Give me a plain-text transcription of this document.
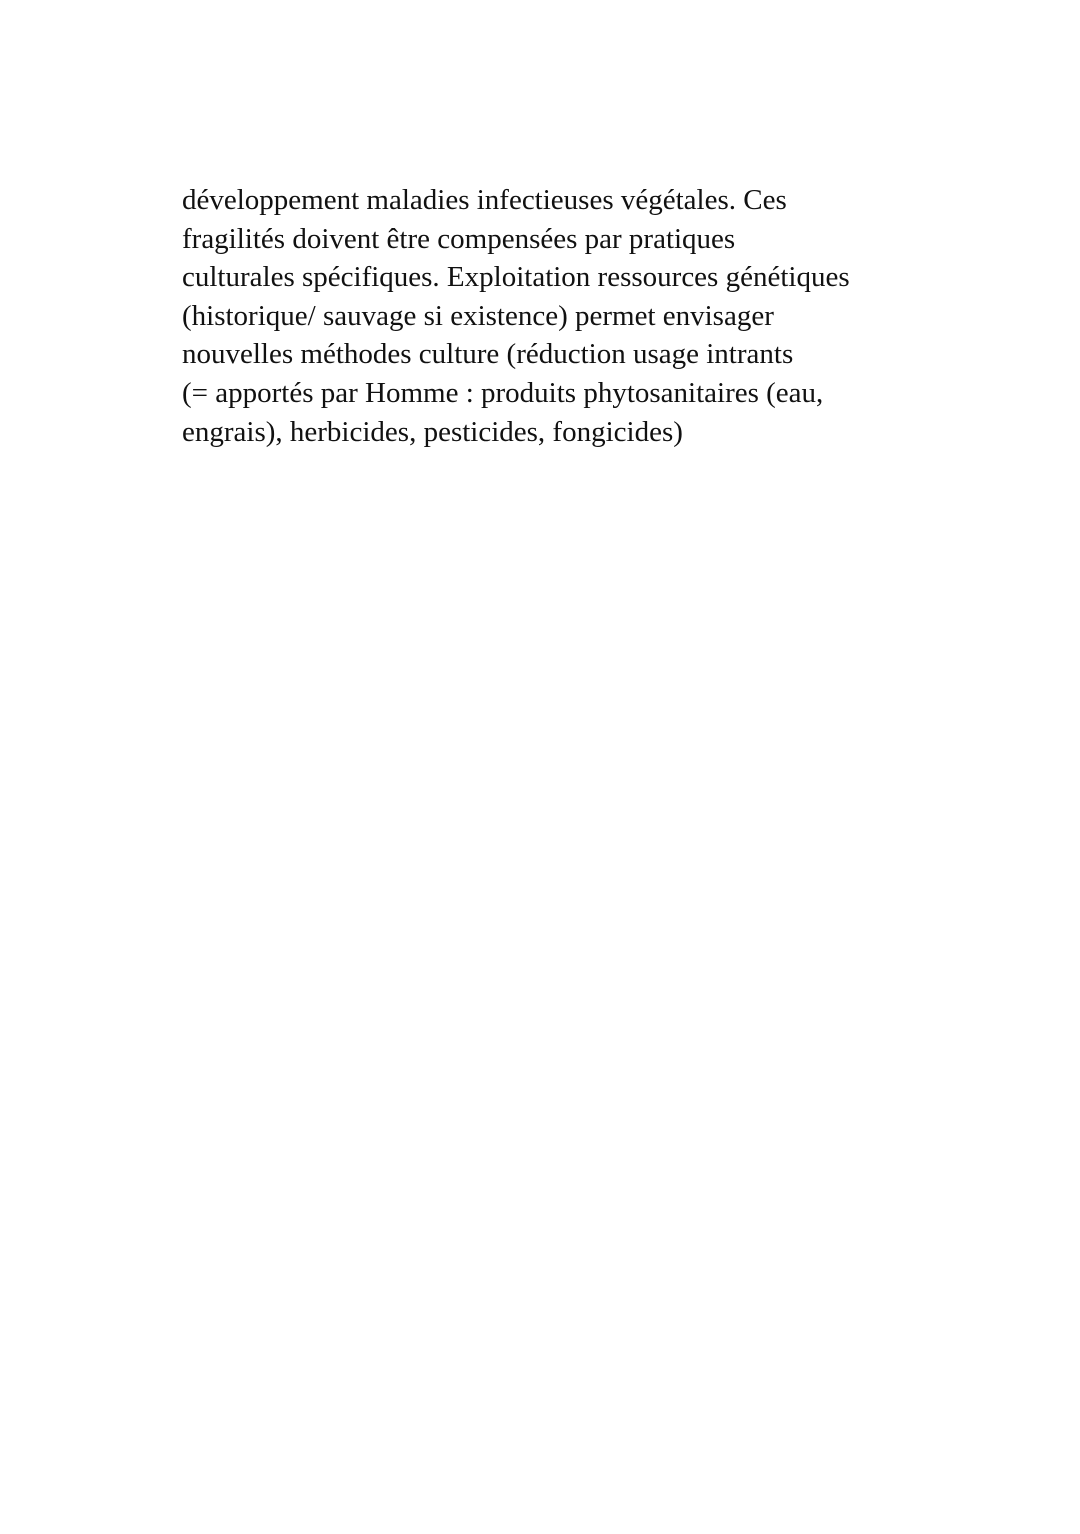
développement maladies infectieuses végétales. Ces
fragilités doivent être compensées par pratiques
culturales spécifiques. Exploitation ressources génétiques
(historique/ sauvage si existence) permet envisager
nouvelles méthodes culture (réduction usage intrants
(= apportés par Homme : produits phytosanitaires (eau,
engrais), herbicides, pesticides, fongicides)
